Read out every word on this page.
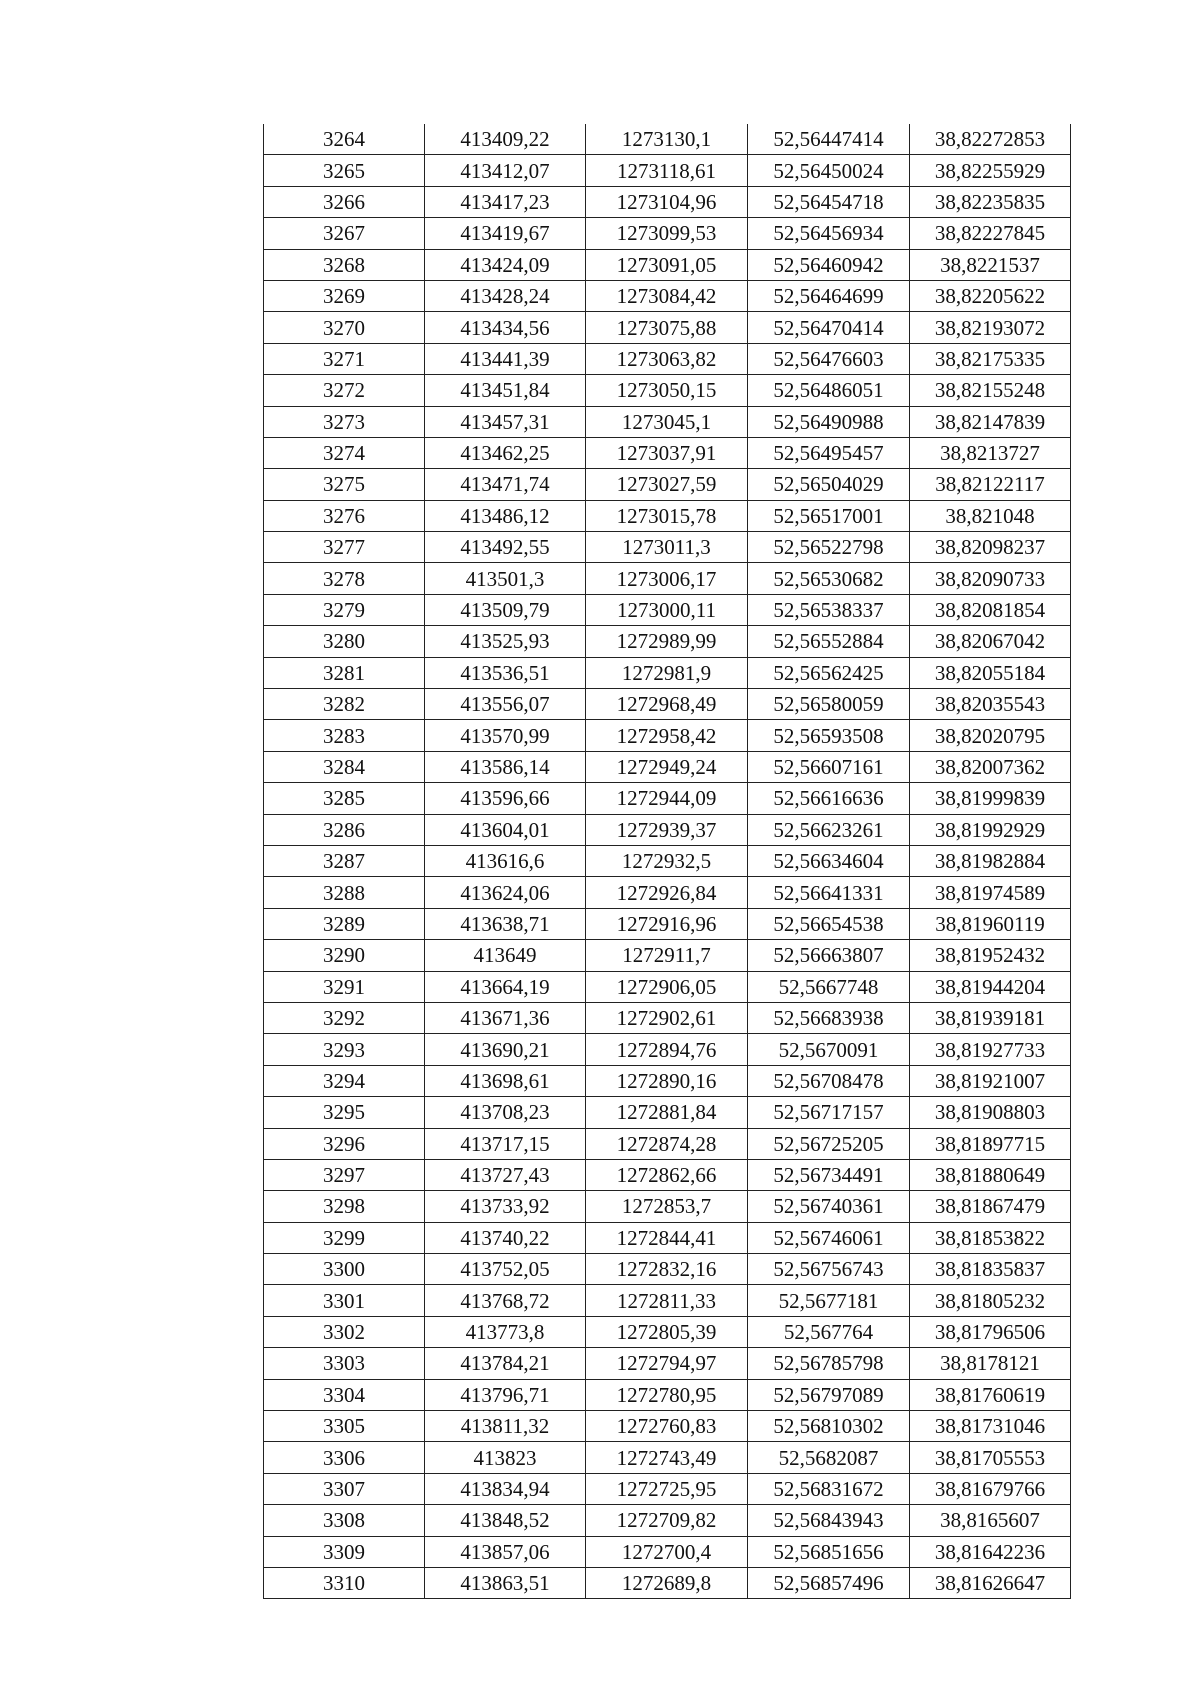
3264	413409,22	1273130,1	52,56447414	38,82272853
3265	413412,07	1273118,61	52,56450024	38,82255929
3266	413417,23	1273104,96	52,56454718	38,82235835
3267	413419,67	1273099,53	52,56456934	38,82227845
3268	413424,09	1273091,05	52,56460942	38,8221537
3269	413428,24	1273084,42	52,56464699	38,82205622
3270	413434,56	1273075,88	52,56470414	38,82193072
3271	413441,39	1273063,82	52,56476603	38,82175335
3272	413451,84	1273050,15	52,56486051	38,82155248
3273	413457,31	1273045,1	52,56490988	38,82147839
3274	413462,25	1273037,91	52,56495457	38,8213727
3275	413471,74	1273027,59	52,56504029	38,82122117
3276	413486,12	1273015,78	52,56517001	38,821048
3277	413492,55	1273011,3	52,56522798	38,82098237
3278	413501,3	1273006,17	52,56530682	38,82090733
3279	413509,79	1273000,11	52,56538337	38,82081854
3280	413525,93	1272989,99	52,56552884	38,82067042
3281	413536,51	1272981,9	52,56562425	38,82055184
3282	413556,07	1272968,49	52,56580059	38,82035543
3283	413570,99	1272958,42	52,56593508	38,82020795
3284	413586,14	1272949,24	52,56607161	38,82007362
3285	413596,66	1272944,09	52,56616636	38,81999839
3286	413604,01	1272939,37	52,56623261	38,81992929
3287	413616,6	1272932,5	52,56634604	38,81982884
3288	413624,06	1272926,84	52,56641331	38,81974589
3289	413638,71	1272916,96	52,56654538	38,81960119
3290	413649	1272911,7	52,56663807	38,81952432
3291	413664,19	1272906,05	52,5667748	38,81944204
3292	413671,36	1272902,61	52,56683938	38,81939181
3293	413690,21	1272894,76	52,5670091	38,81927733
3294	413698,61	1272890,16	52,56708478	38,81921007
3295	413708,23	1272881,84	52,56717157	38,81908803
3296	413717,15	1272874,28	52,56725205	38,81897715
3297	413727,43	1272862,66	52,56734491	38,81880649
3298	413733,92	1272853,7	52,56740361	38,81867479
3299	413740,22	1272844,41	52,56746061	38,81853822
3300	413752,05	1272832,16	52,56756743	38,81835837
3301	413768,72	1272811,33	52,5677181	38,81805232
3302	413773,8	1272805,39	52,567764	38,81796506
3303	413784,21	1272794,97	52,56785798	38,8178121
3304	413796,71	1272780,95	52,56797089	38,81760619
3305	413811,32	1272760,83	52,56810302	38,81731046
3306	413823	1272743,49	52,5682087	38,81705553
3307	413834,94	1272725,95	52,56831672	38,81679766
3308	413848,52	1272709,82	52,56843943	38,8165607
3309	413857,06	1272700,4	52,56851656	38,81642236
3310	413863,51	1272689,8	52,56857496	38,81626647
